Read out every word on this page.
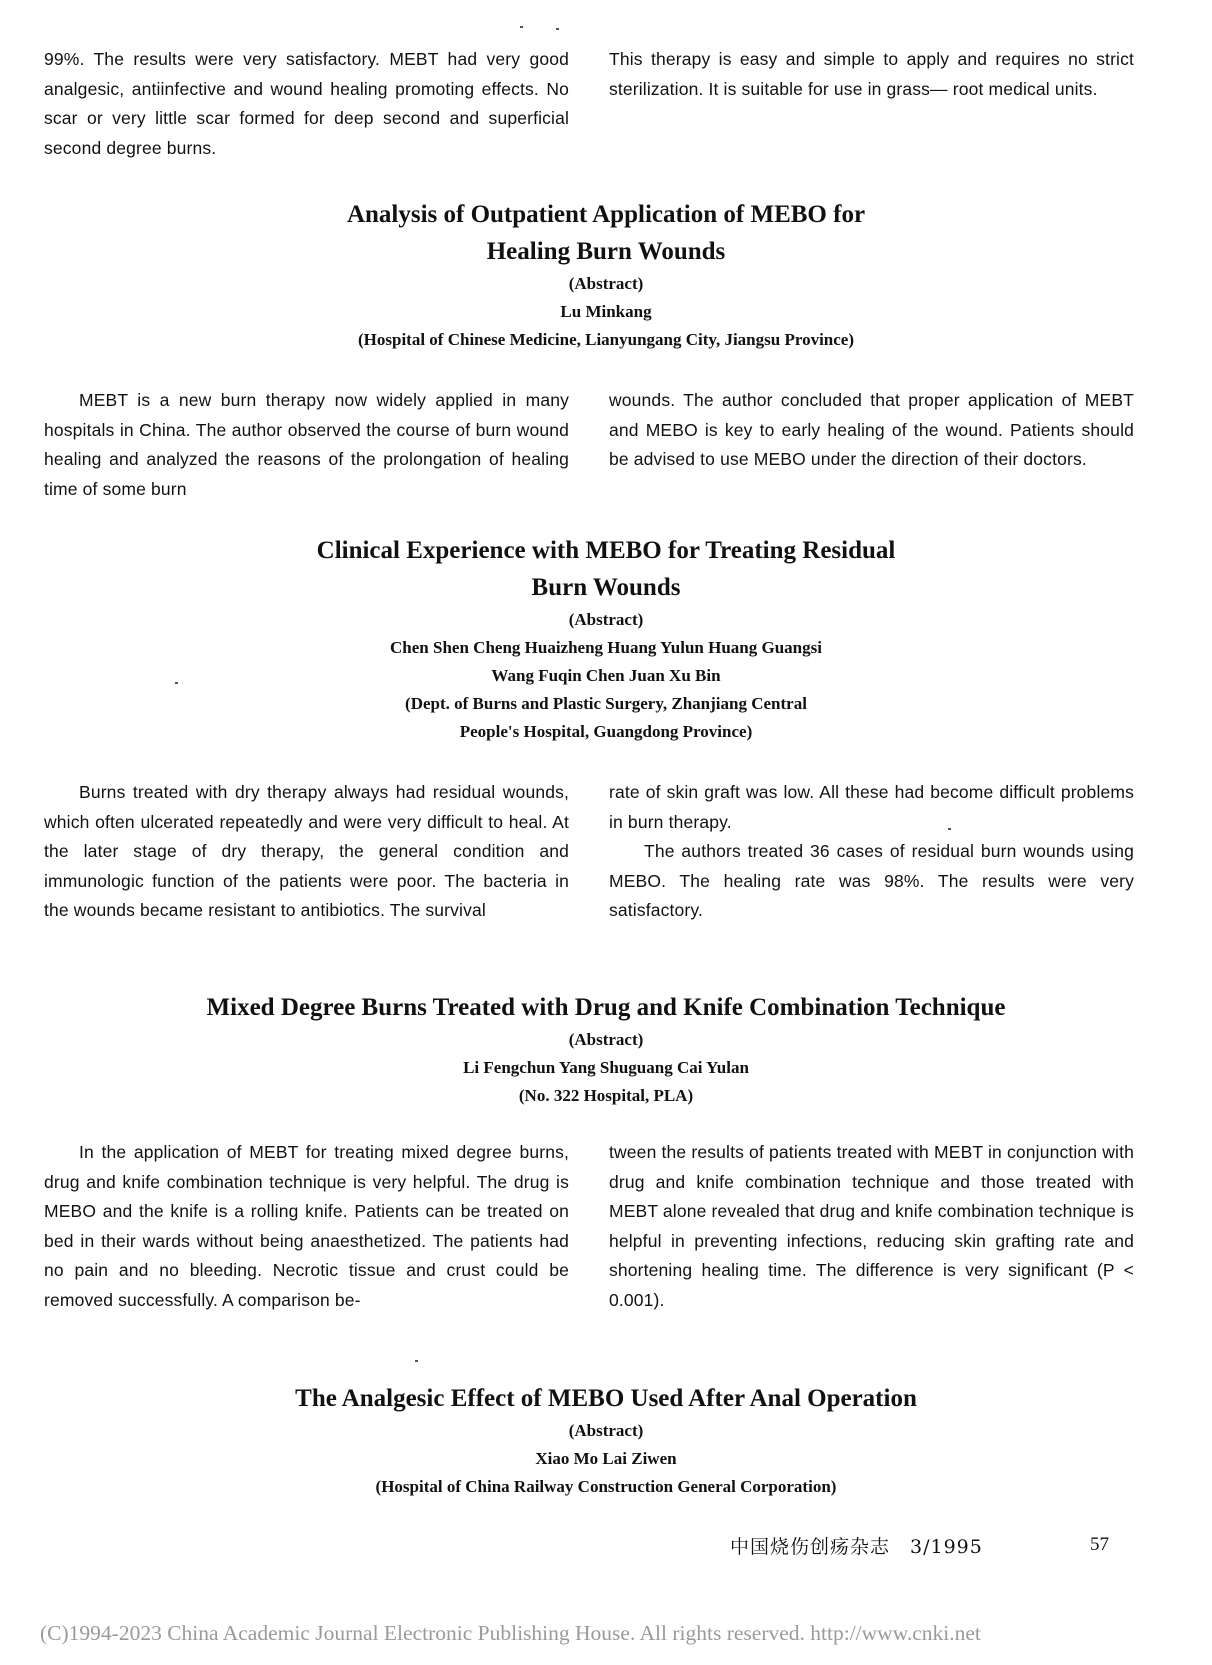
99%. The results were very satisfactory. MEBT had very good analgesic, antiinfective and wound healing promoting effects. No scar or very little scar formed for deep second and superficial second degree burns.

This therapy is easy and simple to apply and requires no strict sterilization. It is suitable for use in grass— root medical units.

Analysis of Outpatient Application of MEBO for
Healing Burn Wounds
(Abstract)
Lu Minkang
(Hospital of Chinese Medicine, Lianyungang City, Jiangsu Province)

MEBT is a new burn therapy now widely applied in many hospitals in China. The author observed the course of burn wound healing and analyzed the reasons of the prolongation of healing time of some burn

wounds. The author concluded that proper application of MEBT and MEBO is key to early healing of the wound. Patients should be advised to use MEBO under the direction of their doctors.

Clinical Experience with MEBO for Treating Residual
Burn Wounds
(Abstract)
Chen Shen Cheng Huaizheng Huang Yulun Huang Guangsi
Wang Fuqin Chen Juan Xu Bin
(Dept. of Burns and Plastic Surgery, Zhanjiang Central
People's Hospital, Guangdong Province)

Burns treated with dry therapy always had residual wounds, which often ulcerated repeatedly and were very difficult to heal. At the later stage of dry therapy, the general condition and immunologic function of the patients were poor. The bacteria in the wounds became resistant to antibiotics. The survival

rate of skin graft was low. All these had become difficult problems in burn therapy.

The authors treated 36 cases of residual burn wounds using MEBO. The healing rate was 98%. The results were very satisfactory.

Mixed Degree Burns Treated with Drug and Knife Combination Technique
(Abstract)
Li Fengchun Yang Shuguang Cai Yulan
(No. 322 Hospital, PLA)

In the application of MEBT for treating mixed degree burns, drug and knife combination technique is very helpful. The drug is MEBO and the knife is a rolling knife. Patients can be treated on bed in their wards without being anaesthetized. The patients had no pain and no bleeding. Necrotic tissue and crust could be removed successfully. A comparison be-

tween the results of patients treated with MEBT in conjunction with drug and knife combination technique and those treated with MEBT alone revealed that drug and knife combination technique is helpful in preventing infections, reducing skin grafting rate and shortening healing time. The difference is very significant (P < 0.001).

The Analgesic Effect of MEBO Used After Anal Operation
(Abstract)
Xiao Mo Lai Ziwen
(Hospital of China Railway Construction General Corporation)
中国烧伤创疡杂志　3/1995	57
(C)1994-2023 China Academic Journal Electronic Publishing House. All rights reserved. http://www.cnki.net
